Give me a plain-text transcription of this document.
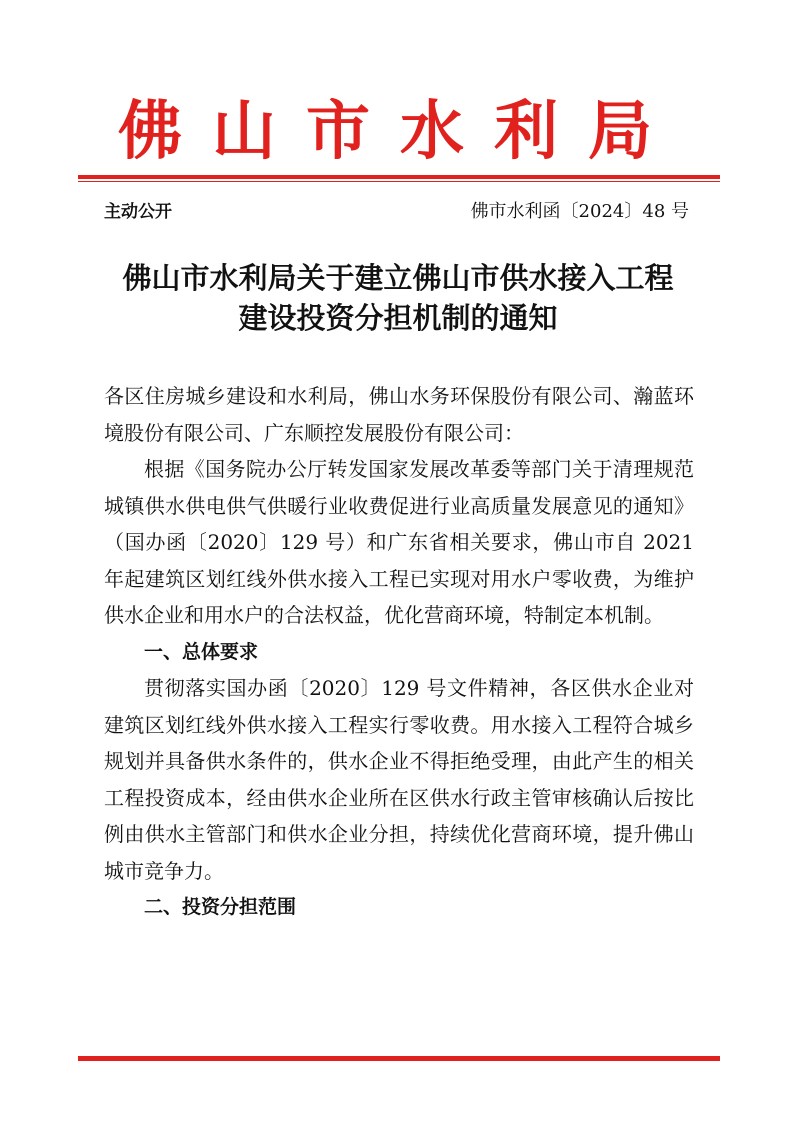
佛山市水利局
主动公开	佛市水利函〔2024〕48 号
佛山市水利局关于建立佛山市供水接入工程
建设投资分担机制的通知

各区住房城乡建设和水利局，佛山水务环保股份有限公司、瀚蓝环境股份有限公司、广东顺控发展股份有限公司：

根据《国务院办公厅转发国家发展改革委等部门关于清理规范城镇供水供电供气供暖行业收费促进行业高质量发展意见的通知》（国办函〔2020〕129 号）和广东省相关要求，佛山市自 2021 年起建筑区划红线外供水接入工程已实现对用水户零收费，为维护供水企业和用水户的合法权益，优化营商环境，特制定本机制。

一、总体要求

贯彻落实国办函〔2020〕129 号文件精神，各区供水企业对建筑区划红线外供水接入工程实行零收费。用水接入工程符合城乡规划并具备供水条件的，供水企业不得拒绝受理，由此产生的相关工程投资成本，经由供水企业所在区供水行政主管审核确认后按比例由供水主管部门和供水企业分担，持续优化营商环境，提升佛山城市竞争力。

二、投资分担范围
